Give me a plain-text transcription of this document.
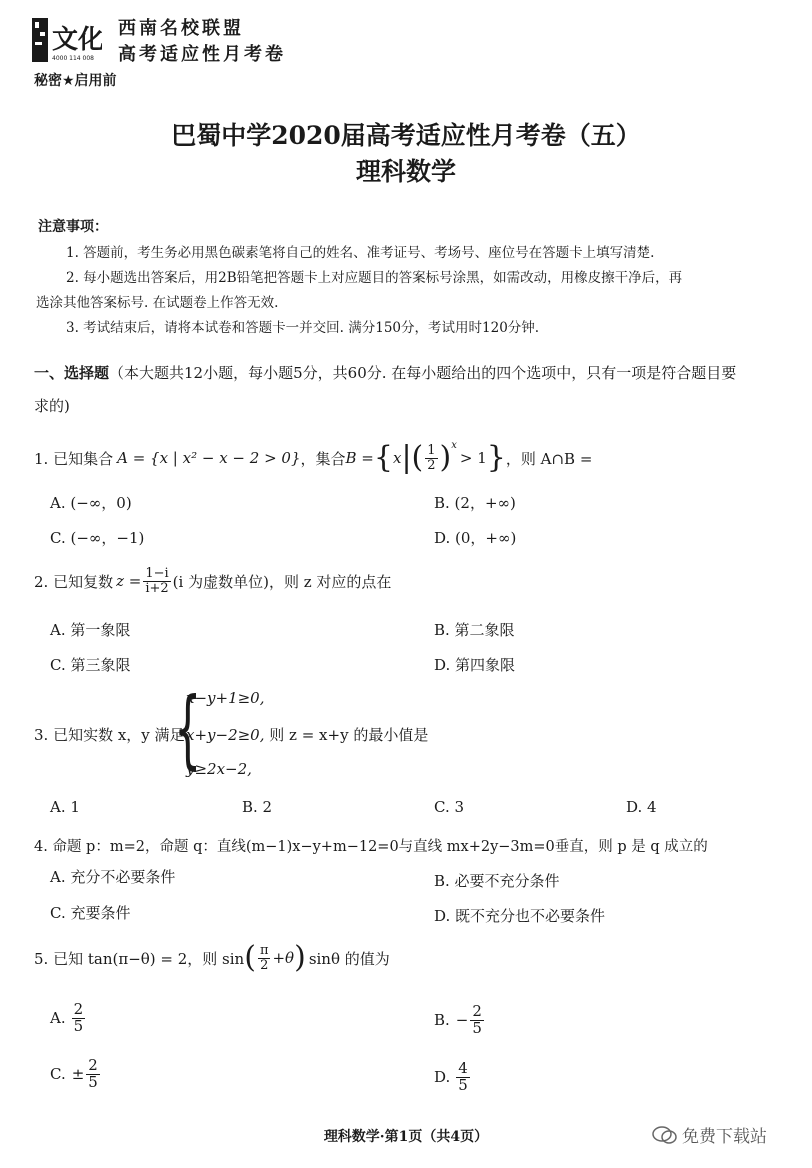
文化
4000 114 008
西南名校联盟
高考适应性月考卷
秘密★启用前
巴蜀中学2020届高考适应性月考卷（五）
理科数学
注意事项：
1. 答题前，考生务必用黑色碳素笔将自己的姓名、准考证号、考场号、座位号在答题卡上填写清楚.
2. 每小题选出答案后，用2B铅笔把答题卡上对应题目的答案标号涂黑，如需改动，用橡皮擦干净后，再
选涂其他答案标号. 在试题卷上作答无效.
3. 考试结束后，请将本试卷和答题卡一并交回. 满分150分，考试用时120分钟.
一、选择题（本大题共12小题，每小题5分，共60分. 在每小题给出的四个选项中，只有一项是符合题目要
求的)
1. 已知集合 A = {x | x² − x − 2 > 0} ，集合 B = { x | ( $\frac{1}{2}$ ) x
> 1 } ，则 A∩B =
A. (−∞，0)	B. (2，+∞)
C. (−∞，−1)	D. (0，+∞)
2. 已知复数 $z = \frac{1-i}{i+2} (i$ 为虚数单位)，则 z 对应的点在
A. 第一象限	B. 第二象限
C. 第三象限	D. 第四象限
3. 已知实数 x，y 满足
{
x−y+1≥0,
x+y−2≥0, 则 z = x+y 的最小值是
y≥2x−2,
A. 1	B. 2	C. 3	D. 4
4. 命题 p：m=2，命题 q：直线(m−1)x−y+m−12=0与直线 mx+2y−3m=0垂直，则 p 是 q 成立的
A. 充分不必要条件	B. 必要不充分条件
C. 充要条件	D. 既不充分也不必要条件
5. 已知 tan(π−θ) = 2，则 sin ( $\frac{\pi}{2} +\theta$ ) sinθ 的值为
A. $\frac{2}{5}$	B. − $\frac{2}{5}$
C. ± $\frac{2}{5}$	D. $\frac{4}{5}$
理科数学·第1页（共4页）	免费下载站
